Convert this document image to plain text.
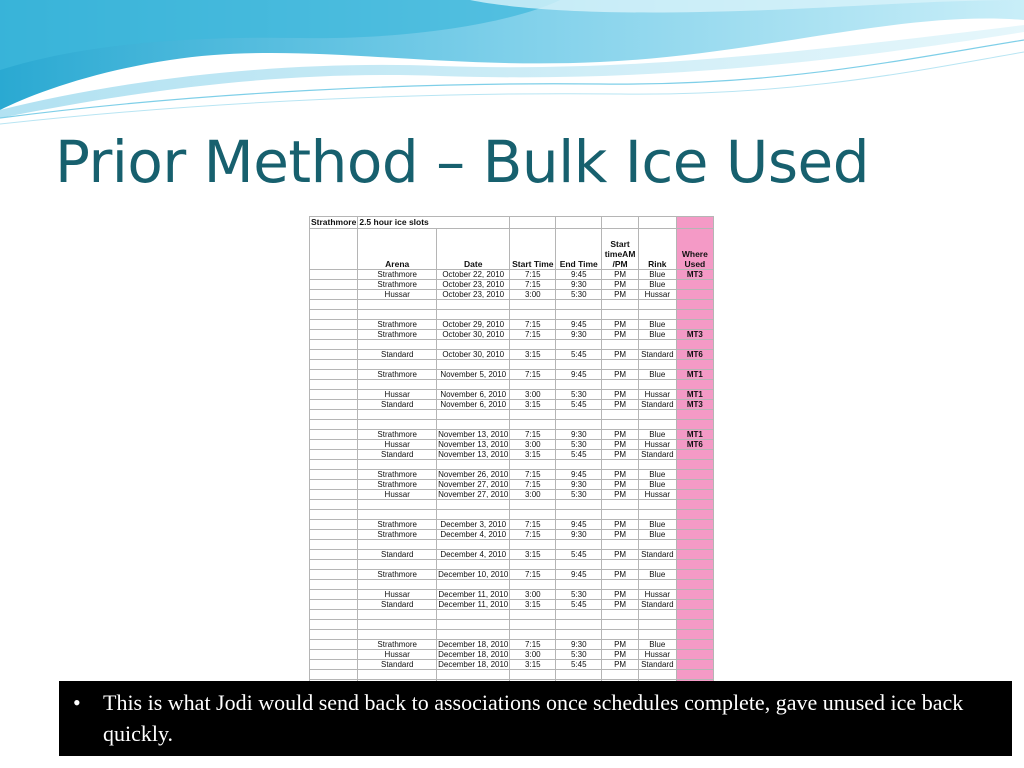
Prior Method – Bulk Ice Used
Strathmore	2.5 hour ice slots						
	Arena	Date	Start Time	End Time	Start timeAM /PM	Rink	Where Used
	Strathmore	October 22, 2010	7:15	9:45	PM	Blue	MT3
	Strathmore	October 23, 2010	7:15	9:30	PM	Blue	
	Hussar	October 23, 2010	3:00	5:30	PM	Hussar	

	Strathmore	October 29, 2010	7:15	9:45	PM	Blue	
	Strathmore	October 30, 2010	7:15	9:30	PM	Blue	MT3

	Standard	October 30, 2010	3:15	5:45	PM	Standard	MT6

	Strathmore	November 5, 2010	7:15	9:45	PM	Blue	MT1

	Hussar	November 6, 2010	3:00	5:30	PM	Hussar	MT1
	Standard	November 6, 2010	3:15	5:45	PM	Standard	MT3

	Strathmore	November 13, 2010	7:15	9:30	PM	Blue	MT1
	Hussar	November 13, 2010	3:00	5:30	PM	Hussar	MT6
	Standard	November 13, 2010	3:15	5:45	PM	Standard	

	Strathmore	November 26, 2010	7:15	9:45	PM	Blue	
	Strathmore	November 27, 2010	7:15	9:30	PM	Blue	
	Hussar	November 27, 2010	3:00	5:30	PM	Hussar	

	Strathmore	December 3, 2010	7:15	9:45	PM	Blue	
	Strathmore	December 4, 2010	7:15	9:30	PM	Blue	

	Standard	December 4, 2010	3:15	5:45	PM	Standard	

	Strathmore	December 10, 2010	7:15	9:45	PM	Blue	

	Hussar	December 11, 2010	3:00	5:30	PM	Hussar	
	Standard	December 11, 2010	3:15	5:45	PM	Standard	

	Strathmore	December 18, 2010	7:15	9:30	PM	Blue	
	Hussar	December 18, 2010	3:00	5:30	PM	Hussar	
	Standard	December 18, 2010	3:15	5:45	PM	Standard	

•	This is what Jodi would send back to associations once schedules complete, gave unused ice back quickly.
